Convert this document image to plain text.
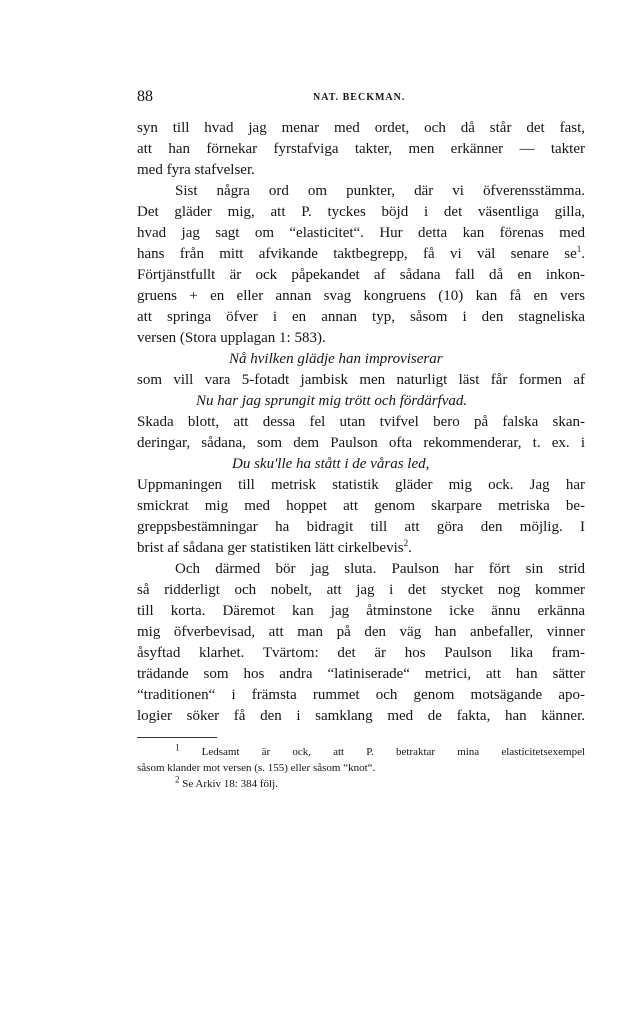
88	NAT. BECKMAN.
syn till hvad jag menar med ordet, och då står det fast,
att han förnekar fyrstafviga takter, men erkänner — takter
med fyra stafvelser.
Sist några ord om punkter, där vi öfverensstämma.
Det gläder mig, att P. tyckes böjd i det väsentliga gilla,
hvad jag sagt om “elasticitet“. Hur detta kan förenas med
hans från mitt afvikande taktbegrepp, få vi väl senare $se^1$.
Förtjänstfullt är ock påpekandet af sådana fall då en inkon-
gruens + en eller annan svag kongruens (10) kan få en vers
att springa öfver i en annan typ, såsom i den stagneliska
versen (Stora upplagan 1: 583).
Nå hvilken glädje han improviserar
som vill vara 5-fotadt jambisk men naturligt läst får formen af
Nu har jag sprungit mig trött och fördärfvad.
Skada blott, att dessa fel utan tvifvel bero på falska skan-
deringar, sådana, som dem Paulson ofta rekommenderar, t. ex. i
Du sku'lle ha stått i de våras led,
Uppmaningen till metrisk statistik gläder mig ock. Jag har
smickrat mig med hoppet att genom skarpare metriska be-
greppsbestämningar ha bidragit till att göra den möjlig. I
brist af sådana ger statistiken lätt cirkelbevis$^2$.
Och därmed bör jag sluta. Paulson har fört sin strid
så ridderligt och nobelt, att jag i det stycket nog kommer
till korta. Däremot kan jag åtminstone icke ännu erkänna
mig öfverbevisad, att man på den väg han anbefaller, vinner
åsyftad klarhet. Tvärtom: det är hos Paulson lika fram-
trädande som hos andra “latiniserade“ metrici, att han sätter
“traditionen“ i främsta rummet och genom motsägande apo-
logier söker få den i samklang med de fakta, han känner.
$^1$ Ledsamt är ock, att P. betraktar mina elasticitetsexempel
såsom klander mot versen (s. 155) eller såsom “knot“.
$^2$ Se Arkiv 18: 384 följ.
